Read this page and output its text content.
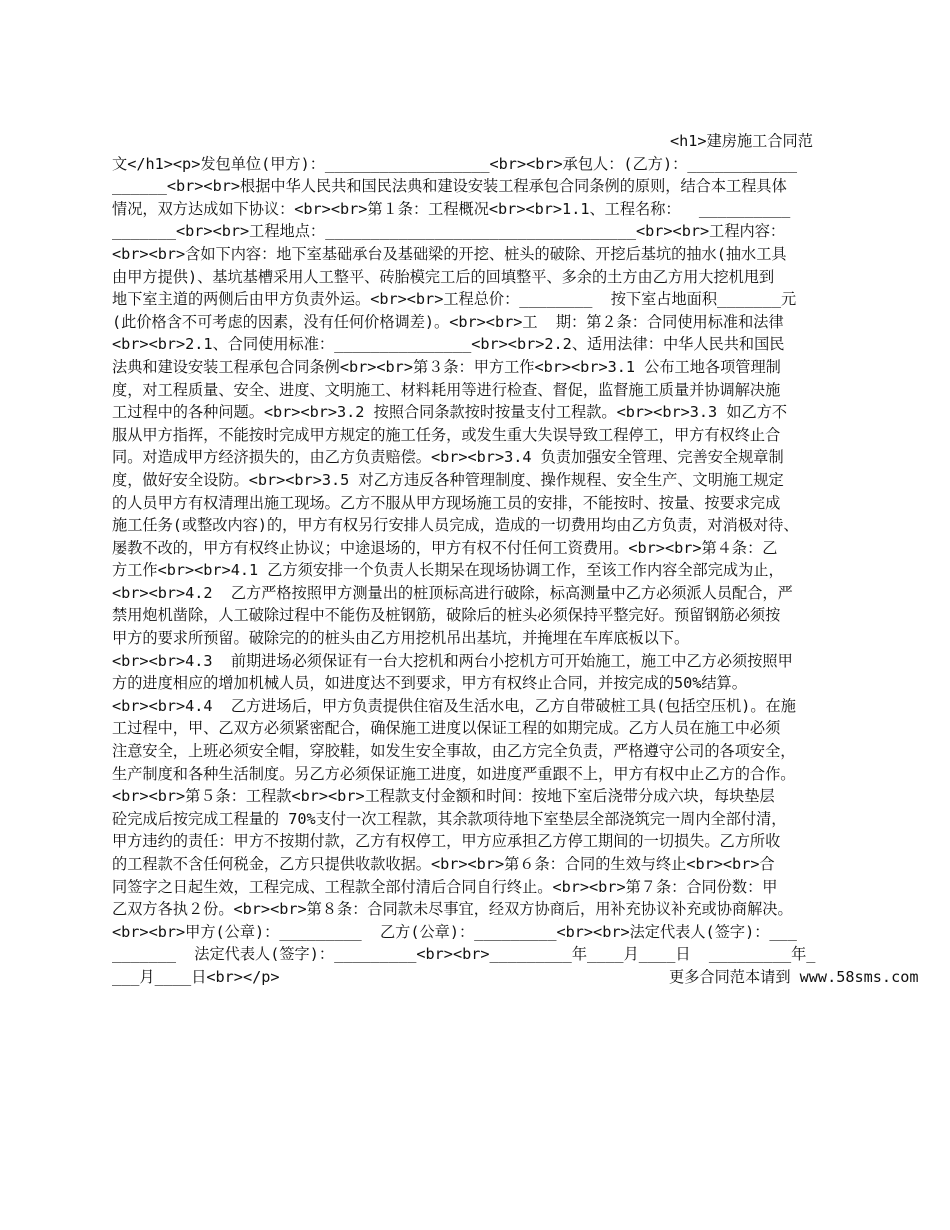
<h1>建房施工合同范
文</h1><p>发包单位(甲方)：__________________<br><br>承包人：(乙方)：____________
______<br><br>根据中华人民共和国民法典和建设安装工程承包合同条例的原则，结合本工程具体
情况，双方达成如下协议：<br><br>第１条：工程概况<br><br>1.1、工程名称：  __________
_______<br><br>工程地点：__________________________________<br><br>工程内容：
<br><br>含如下内容：地下室基础承台及基础梁的开挖、桩头的破除、开挖后基坑的抽水(抽水工具
由甲方提供)、基坑基槽采用人工整平、砖胎模完工后的回填整平、多余的土方由乙方用大挖机甩到
地下室主道的两侧后由甲方负责外运。<br><br>工程总价：________  按下室占地面积_______元
(此价格含不可考虑的因素，没有任何价格调差)。<br><br>工  期：第２条：合同使用标准和法律
<br><br>2.1、合同使用标准：_______________<br><br>2.2、适用法律：中华人民共和国民
法典和建设安装工程承包合同条例<br><br>第３条：甲方工作<br><br>3.1 公布工地各项管理制
度，对工程质量、安全、进度、文明施工、材料耗用等进行检查、督促，监督施工质量并协调解决施
工过程中的各种问题。<br><br>3.2 按照合同条款按时按量支付工程款。<br><br>3.3 如乙方不
服从甲方指挥，不能按时完成甲方规定的施工任务，或发生重大失误导致工程停工，甲方有权终止合
同。对造成甲方经济损失的，由乙方负责赔偿。<br><br>3.4 负责加强安全管理、完善安全规章制
度，做好安全设防。<br><br>3.5 对乙方违反各种管理制度、操作规程、安全生产、文明施工规定
的人员甲方有权清理出施工现场。乙方不服从甲方现场施工员的安排，不能按时、按量、按要求完成
施工任务(或整改内容)的，甲方有权另行安排人员完成，造成的一切费用均由乙方负责，对消极对待、
屡教不改的，甲方有权终止协议；中途退场的，甲方有权不付任何工资费用。<br><br>第４条：乙
方工作<br><br>4.1 乙方须安排一个负责人长期呆在现场协调工作，至该工作内容全部完成为止，
<br><br>4.2  乙方严格按照甲方测量出的桩顶标高进行破除，标高测量中乙方必须派人员配合，严
禁用炮机凿除，人工破除过程中不能伤及桩钢筋，破除后的桩头必须保持平整完好。预留钢筋必须按
甲方的要求所预留。破除完的的桩头由乙方用挖机吊出基坑，并掩埋在车库底板以下。
<br><br>4.3  前期进场必须保证有一台大挖机和两台小挖机方可开始施工，施工中乙方必须按照甲
方的进度相应的增加机械人员，如进度达不到要求，甲方有权终止合同，并按完成的50%结算。
<br><br>4.4  乙方进场后，甲方负责提供住宿及生活水电，乙方自带破桩工具(包括空压机)。在施
工过程中，甲、乙双方必须紧密配合，确保施工进度以保证工程的如期完成。乙方人员在施工中必须
注意安全，上班必须安全帽，穿胶鞋，如发生安全事故，由乙方完全负责，严格遵守公司的各项安全，
生产制度和各种生活制度。另乙方必须保证施工进度，如进度严重跟不上，甲方有权中止乙方的合作。
<br><br>第５条：工程款<br><br>工程款支付金额和时间：按地下室后浇带分成六块，每块垫层
砼完成后按完成工程量的 70%支付一次工程款，其余款项待地下室垫层全部浇筑完一周内全部付清，
甲方违约的责任：甲方不按期付款，乙方有权停工，甲方应承担乙方停工期间的一切损失。乙方所收
的工程款不含任何税金，乙方只提供收款收据。<br><br>第６条：合同的生效与终止<br><br>合
同签字之日起生效，工程完成、工程款全部付清后合同自行终止。<br><br>第７条：合同份数：甲
乙双方各执２份。<br><br>第８条：合同款未尽事宜，经双方协商后，用补充协议补充或协商解决。
<br><br>甲方(公章)：_________  乙方(公章)：_________<br><br>法定代表人(签字)：___
_______  法定代表人(签字)：_________<br><br>_________年____月____日  _________年_
___月____日<br></p>	更多合同范本请到 www.58sms.com
